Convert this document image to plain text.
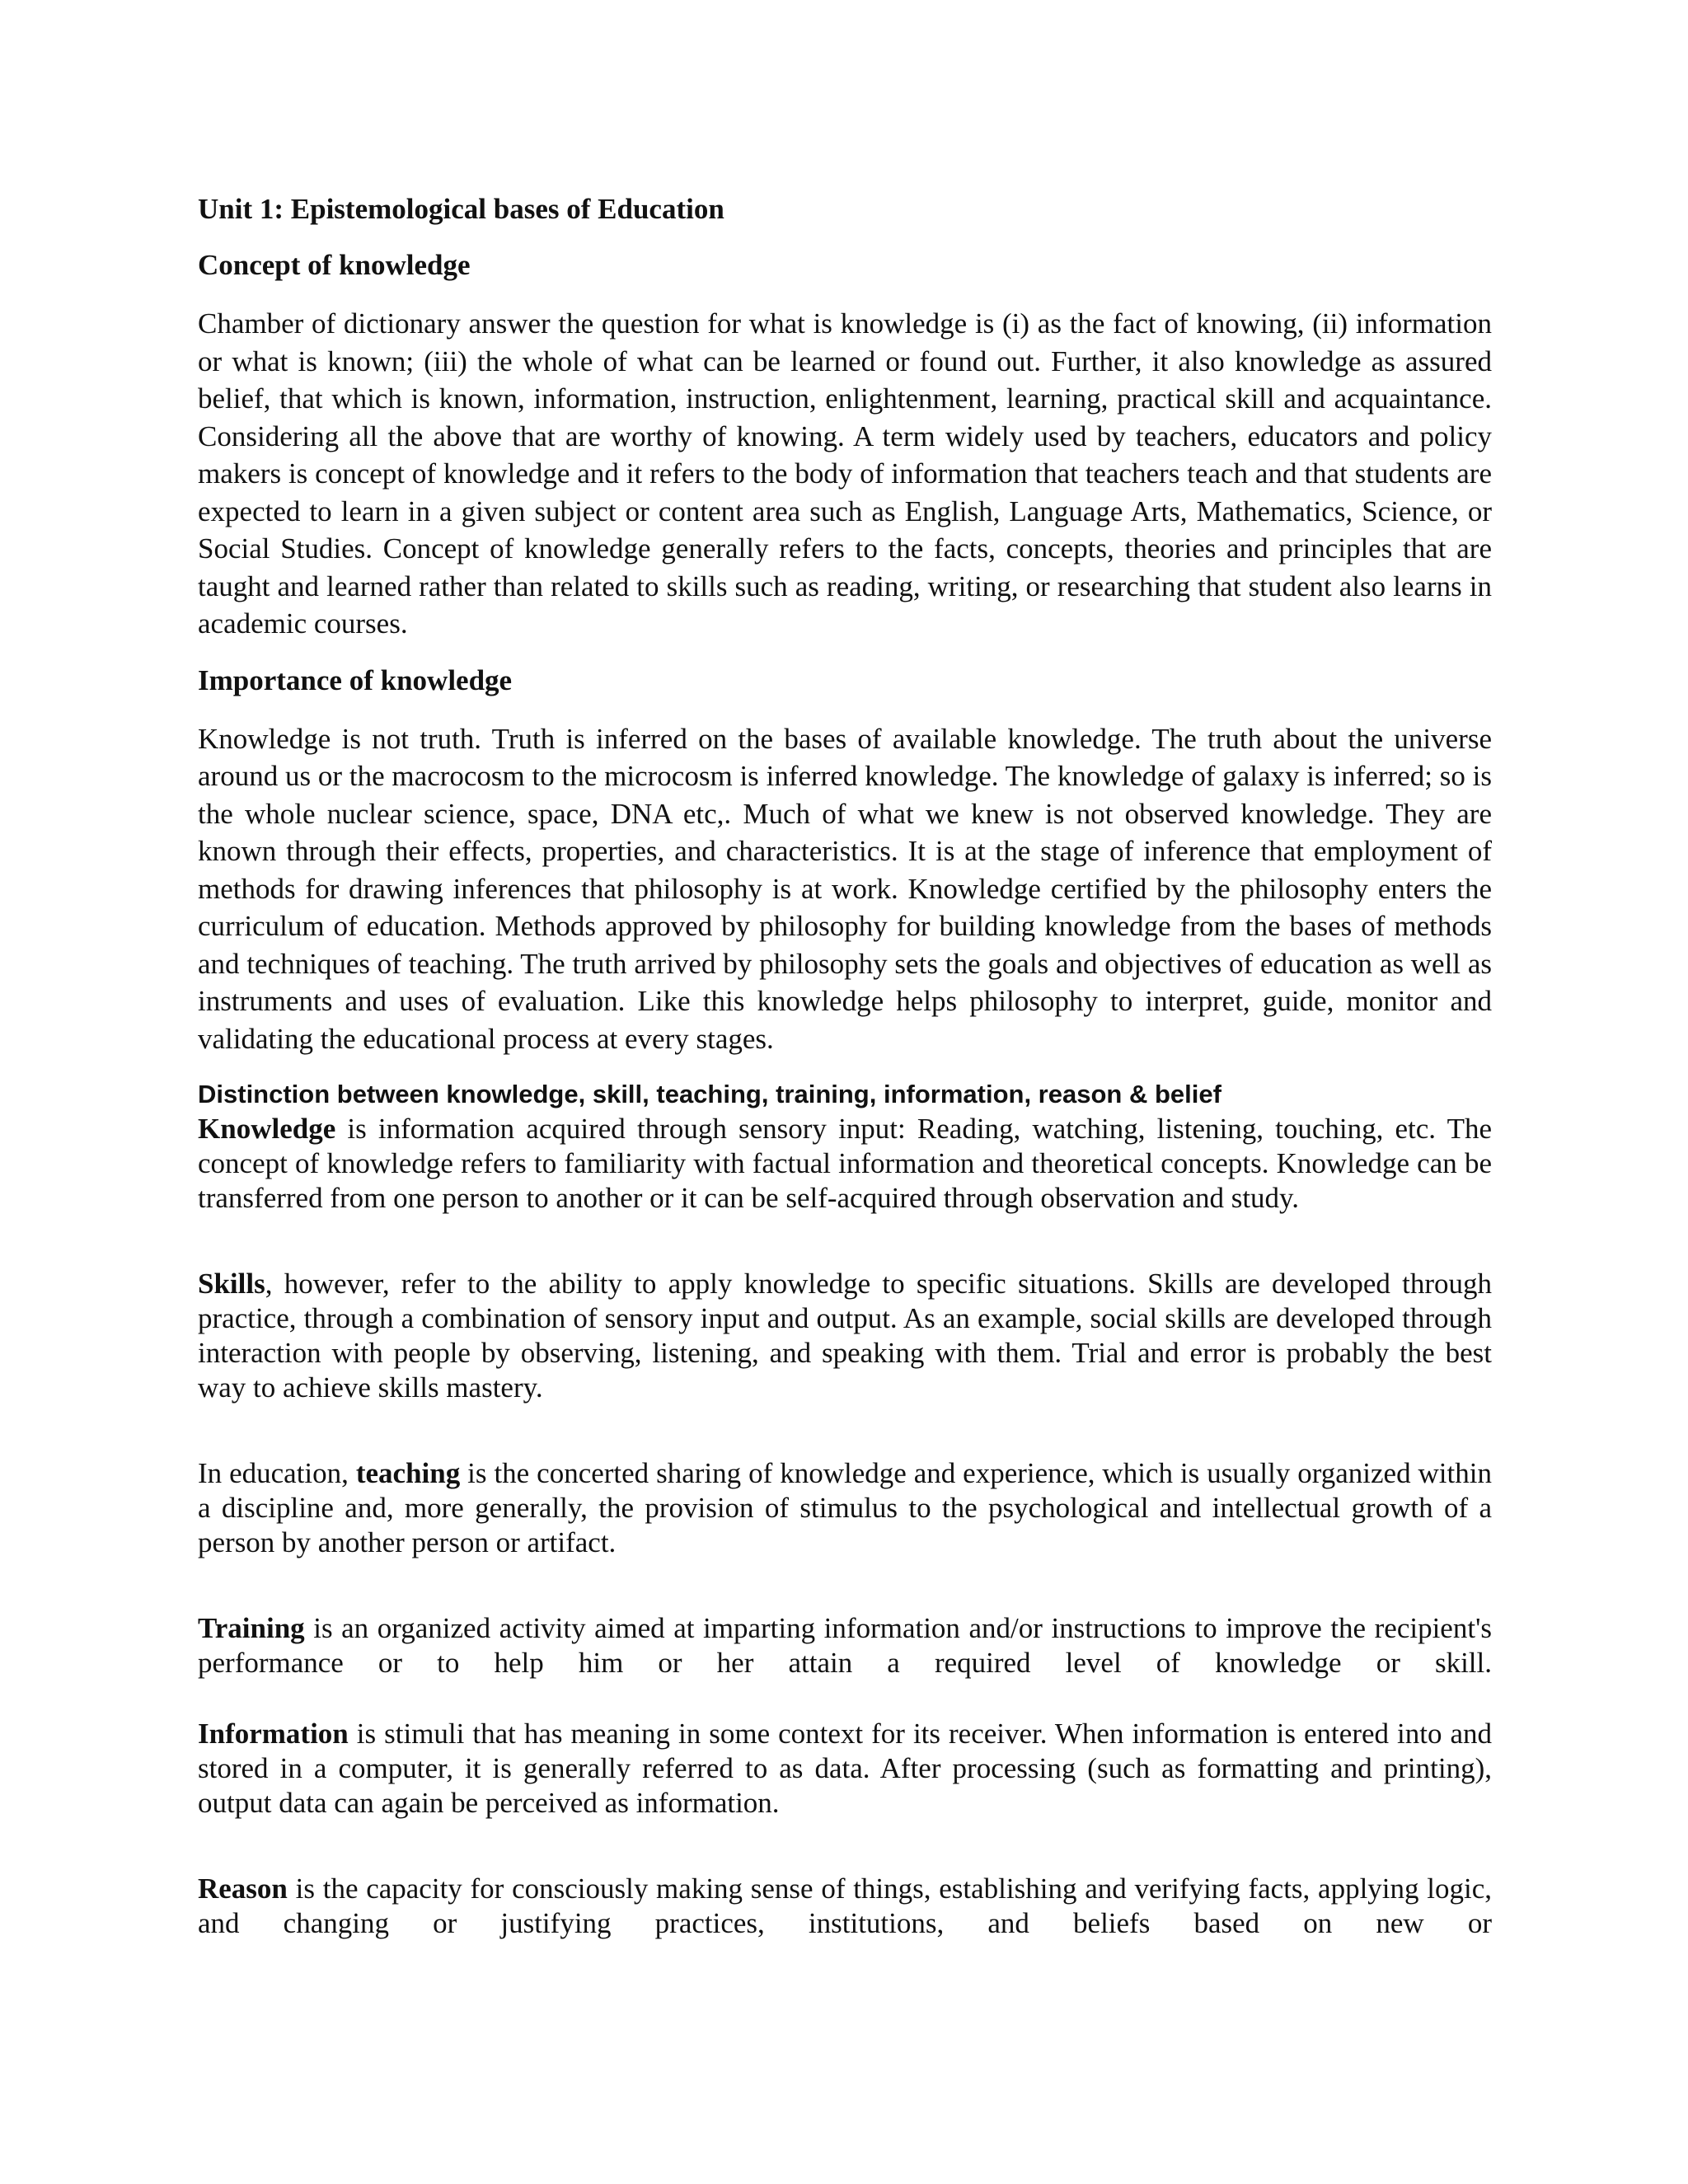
Unit 1: Epistemological bases of Education
Concept of knowledge

Chamber of dictionary answer the question for what is knowledge is (i) as the fact of knowing, (ii) information or what is known; (iii) the whole of what can be learned or found out. Further, it also knowledge as assured belief, that which is known, information, instruction, enlightenment, learning, practical skill and acquaintance. Considering all the above that are worthy of knowing. A term widely used by teachers, educators and policy makers is concept of knowledge and it refers to the body of information that teachers teach and that students are expected to learn in a given subject or content area such as English, Language Arts, Mathematics, Science, or Social Studies. Concept of knowledge generally refers to the facts, concepts, theories and principles that are taught and learned rather than related to skills such as reading, writing, or researching that student also learns in academic courses.

Importance of knowledge

Knowledge is not truth. Truth is inferred on the bases of available knowledge. The truth about the universe around us or the macrocosm to the microcosm is inferred knowledge. The knowledge of galaxy is inferred; so is the whole nuclear science, space, DNA etc,. Much of what we knew is not observed knowledge. They are known through their effects, properties, and characteristics. It is at the stage of inference that employment of methods for drawing inferences that philosophy is at work. Knowledge certified by the philosophy enters the curriculum of education. Methods approved by philosophy for building knowledge from the bases of methods and techniques of teaching. The truth arrived by philosophy sets the goals and objectives of education as well as instruments and uses of evaluation. Like this knowledge helps philosophy to interpret, guide, monitor and validating the educational process at every stages.

Distinction between knowledge, skill, teaching, training, information, reason & belief

Knowledge is information acquired through sensory input: Reading, watching, listening, touching, etc. The concept of knowledge refers to familiarity with factual information and theoretical concepts. Knowledge can be transferred from one person to another or it can be self-acquired through observation and study.

Skills, however, refer to the ability to apply knowledge to specific situations. Skills are developed through practice, through a combination of sensory input and output. As an example, social skills are developed through interaction with people by observing, listening, and speaking with them. Trial and error is probably the best way to achieve skills mastery.

In education, teaching is the concerted sharing of knowledge and experience, which is usually organized within a discipline and, more generally, the provision of stimulus to the psychological and intellectual growth of a person by another person or artifact.

Training is an organized activity aimed at imparting information and/or instructions to improve the recipient's performance or to help him or her attain a required level of knowledge or skill.

Information is stimuli that has meaning in some context for its receiver. When information is entered into and stored in a computer, it is generally referred to as data. After processing (such as formatting and printing), output data can again be perceived as information.

Reason is the capacity for consciously making sense of things, establishing and verifying facts, applying logic, and changing or justifying practices, institutions, and beliefs based on new or
